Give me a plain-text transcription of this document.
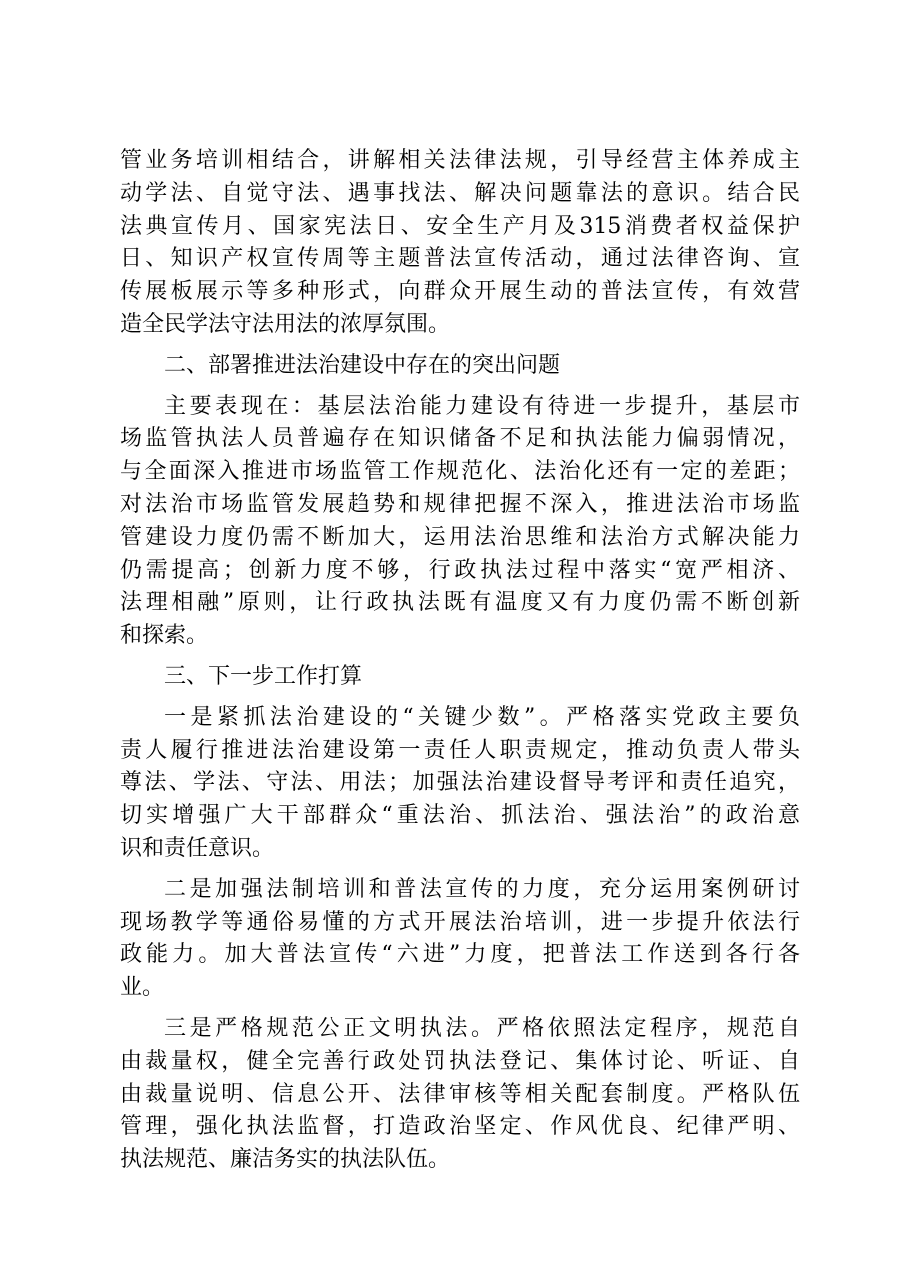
管业务培训相结合，讲解相关法律法规，引导经营主体养成主
动学法、自觉守法、遇事找法、解决问题靠法的意识。结合民
法典宣传月、国家宪法日、安全生产月及315消费者权益保护
日、知识产权宣传周等主题普法宣传活动，通过法律咨询、宣
传展板展示等多种形式，向群众开展生动的普法宣传，有效营
造全民学法守法用法的浓厚氛围。
二、部署推进法治建设中存在的突出问题
主要表现在：基层法治能力建设有待进一步提升，基层市
场监管执法人员普遍存在知识储备不足和执法能力偏弱情况，
与全面深入推进市场监管工作规范化、法治化还有一定的差距；
对法治市场监管发展趋势和规律把握不深入，推进法治市场监
管建设力度仍需不断加大，运用法治思维和法治方式解决能力
仍需提高；创新力度不够，行政执法过程中落实“宽严相济、
法理相融”原则，让行政执法既有温度又有力度仍需不断创新
和探索。
三、下一步工作打算
一是紧抓法治建设的“关键少数”。严格落实党政主要负
责人履行推进法治建设第一责任人职责规定，推动负责人带头
尊法、学法、守法、用法；加强法治建设督导考评和责任追究，
切实增强广大干部群众“重法治、抓法治、强法治”的政治意
识和责任意识。
二是加强法制培训和普法宣传的力度，充分运用案例研讨
现场教学等通俗易懂的方式开展法治培训，进一步提升依法行
政能力。加大普法宣传“六进”力度，把普法工作送到各行各
业。
三是严格规范公正文明执法。严格依照法定程序，规范自
由裁量权，健全完善行政处罚执法登记、集体讨论、听证、自
由裁量说明、信息公开、法律审核等相关配套制度。严格队伍
管理，强化执法监督，打造政治坚定、作风优良、纪律严明、
执法规范、廉洁务实的执法队伍。
